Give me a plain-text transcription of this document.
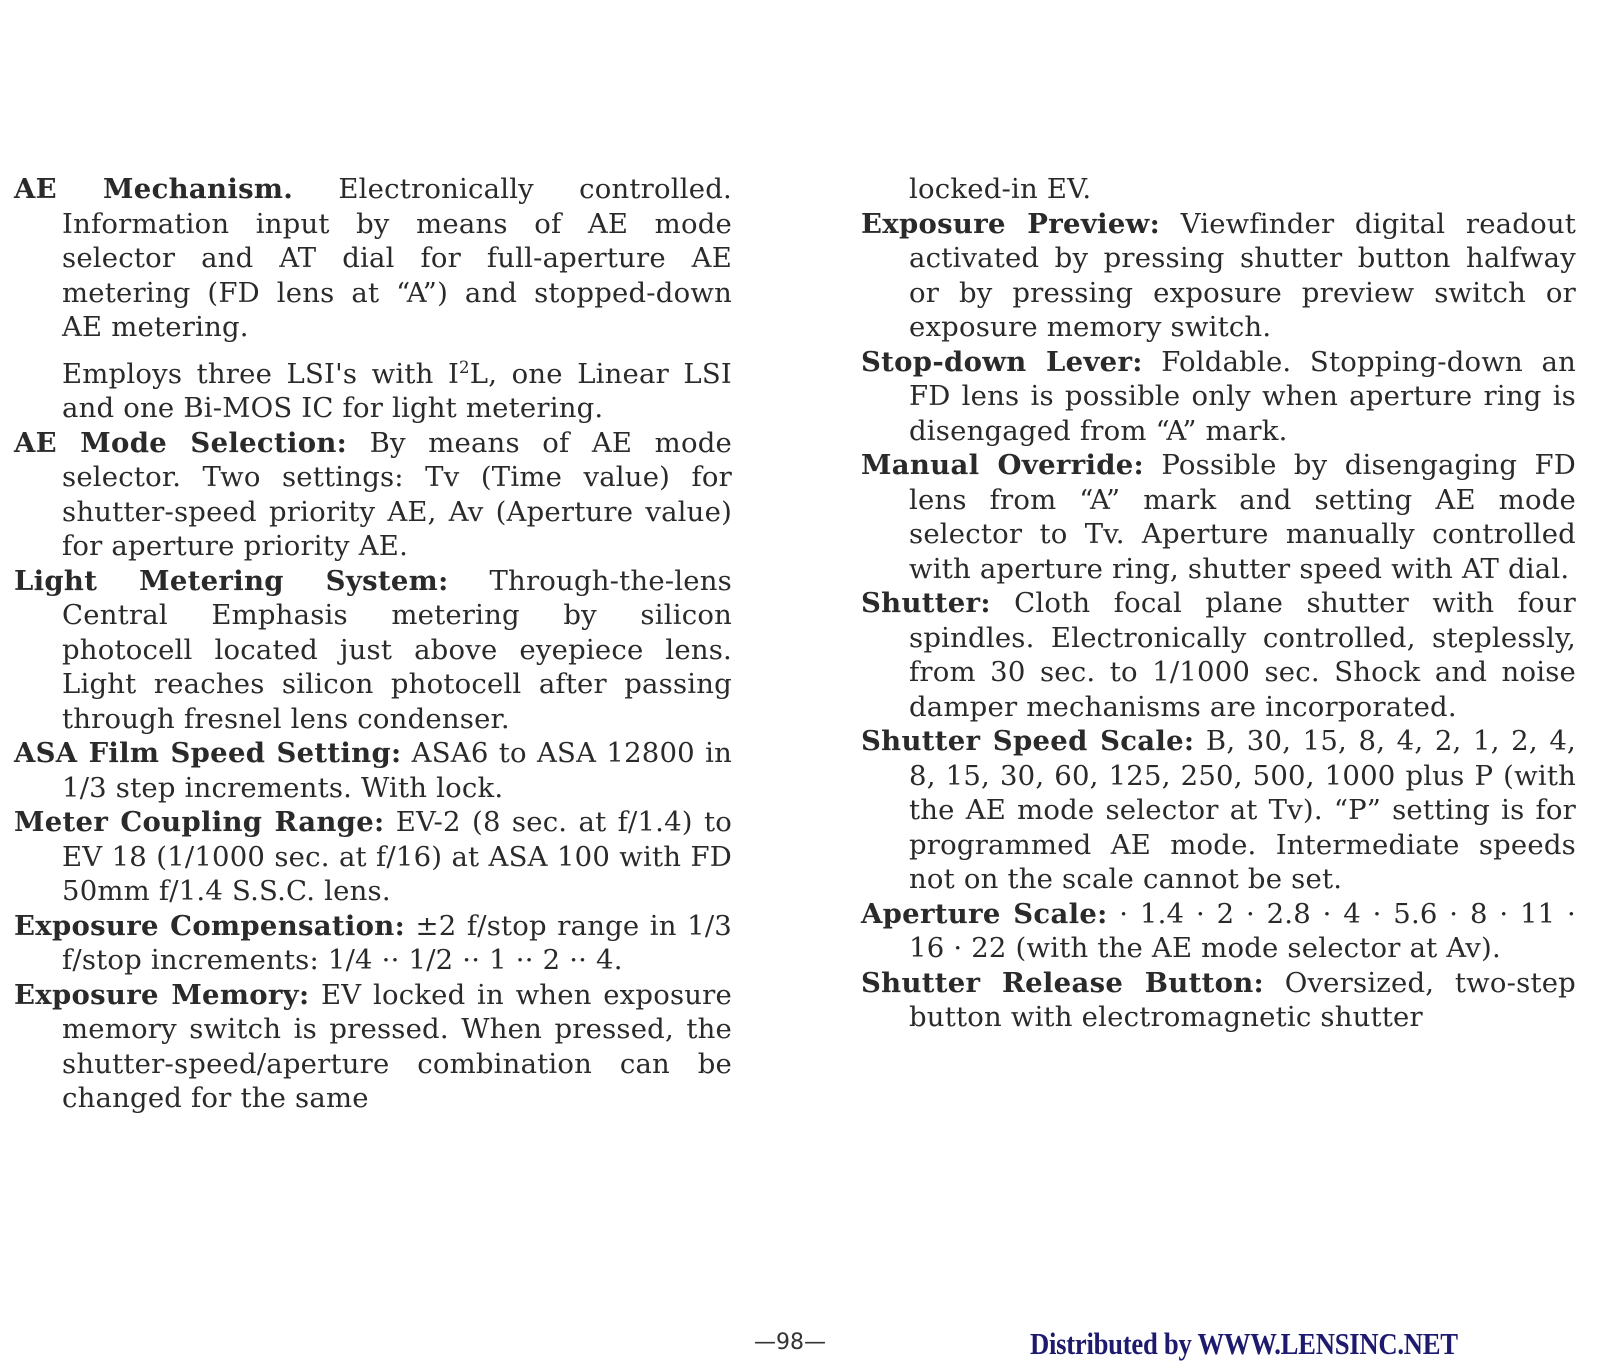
AE Mechanism. Electronically controlled. Information input by means of AE mode selector and AT dial for full-aperture AE metering (FD lens at “A”) and stopped-down AE metering.

Employs three LSI's with $I^2L$, one Linear LSI and one Bi-MOS IC for light metering.

AE Mode Selection: By means of AE mode selector. Two settings: Tv (Time value) for shutter-speed priority AE, Av (Aperture value) for aperture priority AE.

Light Metering System: Through-the-lens Central Emphasis metering by silicon photocell located just above eyepiece lens. Light reaches silicon photocell after passing through fresnel lens condenser.

ASA Film Speed Setting: ASA6 to ASA 12800 in 1/3 step increments. With lock.

Meter Coupling Range: EV-2 (8 sec. at f/1.4) to EV 18 (1/1000 sec. at f/16) at ASA 100 with FD 50mm f/1.4 S.S.C. lens.

Exposure Compensation: ±2 f/stop range in 1/3 f/stop increments: 1/4 ·· 1/2 ·· 1 ·· 2 ·· 4.

Exposure Memory: EV locked in when exposure memory switch is pressed. When pressed, the shutter-speed/aperture combination can be changed for the same

locked-in EV.

Exposure Preview: Viewfinder digital readout activated by pressing shutter button halfway or by pressing exposure preview switch or exposure memory switch.

Stop-down Lever: Foldable. Stopping-down an FD lens is possible only when aperture ring is disengaged from “A” mark.

Manual Override: Possible by disengaging FD lens from “A” mark and setting AE mode selector to Tv. Aperture manually controlled with aperture ring, shutter speed with AT dial.

Shutter: Cloth focal plane shutter with four spindles. Electronically controlled, steplessly, from 30 sec. to 1/1000 sec. Shock and noise damper mechanisms are incorporated.

Shutter Speed Scale: B, 30, 15, 8, 4, 2, 1, 2, 4, 8, 15, 30, 60, 125, 250, 500, 1000 plus P (with the AE mode selector at Tv). “P” setting is for programmed AE mode. Intermediate speeds not on the scale cannot be set.

Aperture Scale: · 1.4 · 2 · 2.8 · 4 · 5.6 · 8 · 11 · 16 · 22 (with the AE mode selector at Av).

Shutter Release Button: Oversized, two-step button with electromagnetic shutter

—98—	Distributed by WWW.LENSINC.NET
